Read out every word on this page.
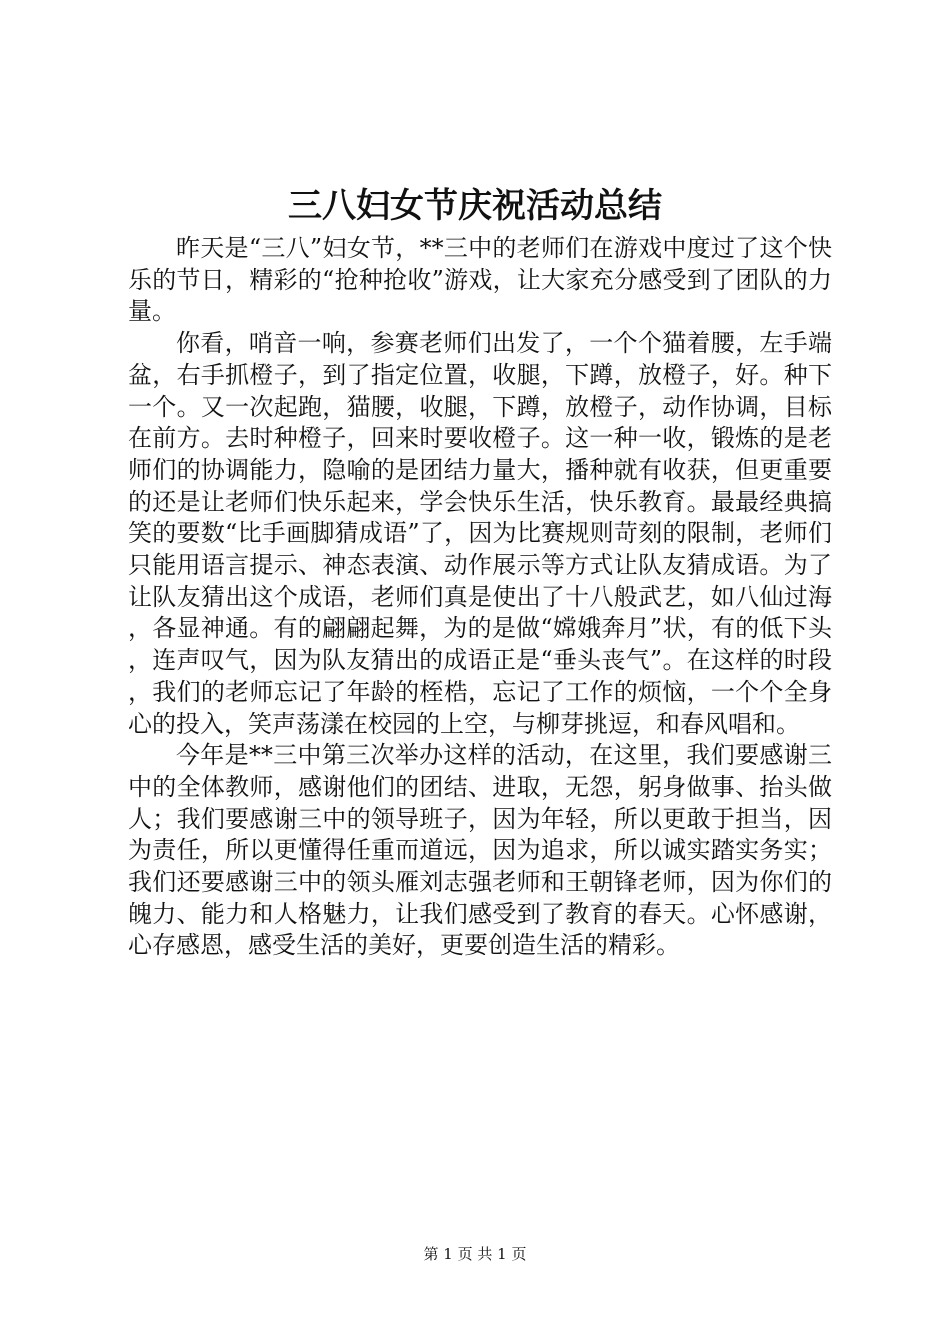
三八妇女节庆祝活动总结

昨天是“三八”妇女节，**三中的老师们在游戏中度过了这个快乐的节日，精彩的“抢种抢收”游戏，让大家充分感受到了团队的力量。

你看，哨音一响，参赛老师们出发了，一个个猫着腰，左手端盆，右手抓橙子，到了指定位置，收腿，下蹲，放橙子，好。种下一个。又一次起跑，猫腰，收腿，下蹲，放橙子，动作协调，目标在前方。去时种橙子，回来时要收橙子。这一种一收，锻炼的是老师们的协调能力，隐喻的是团结力量大，播种就有收获，但更重要的还是让老师们快乐起来，学会快乐生活，快乐教育。最最经典搞笑的要数“比手画脚猜成语”了，因为比赛规则苛刻的限制，老师们只能用语言提示、神态表演、动作展示等方式让队友猜成语。为了让队友猜出这个成语，老师们真是使出了十八般武艺，如八仙过海，各显神通。有的翩翩起舞，为的是做“嫦娥奔月”状，有的低下头，连声叹气，因为队友猜出的成语正是“垂头丧气”。在这样的时段，我们的老师忘记了年龄的桎梏，忘记了工作的烦恼，一个个全身心的投入，笑声荡漾在校园的上空，与柳芽挑逗，和春风唱和。

今年是**三中第三次举办这样的活动，在这里，我们要感谢三中的全体教师，感谢他们的团结、进取，无怨，躬身做事、抬头做人；我们要感谢三中的领导班子，因为年轻，所以更敢于担当，因为责任，所以更懂得任重而道远，因为追求，所以诚实踏实务实；我们还要感谢三中的领头雁刘志强老师和王朝锋老师，因为你们的魄力、能力和人格魅力，让我们感受到了教育的春天。心怀感谢，心存感恩，感受生活的美好，更要创造生活的精彩。

第 1 页 共 1 页
